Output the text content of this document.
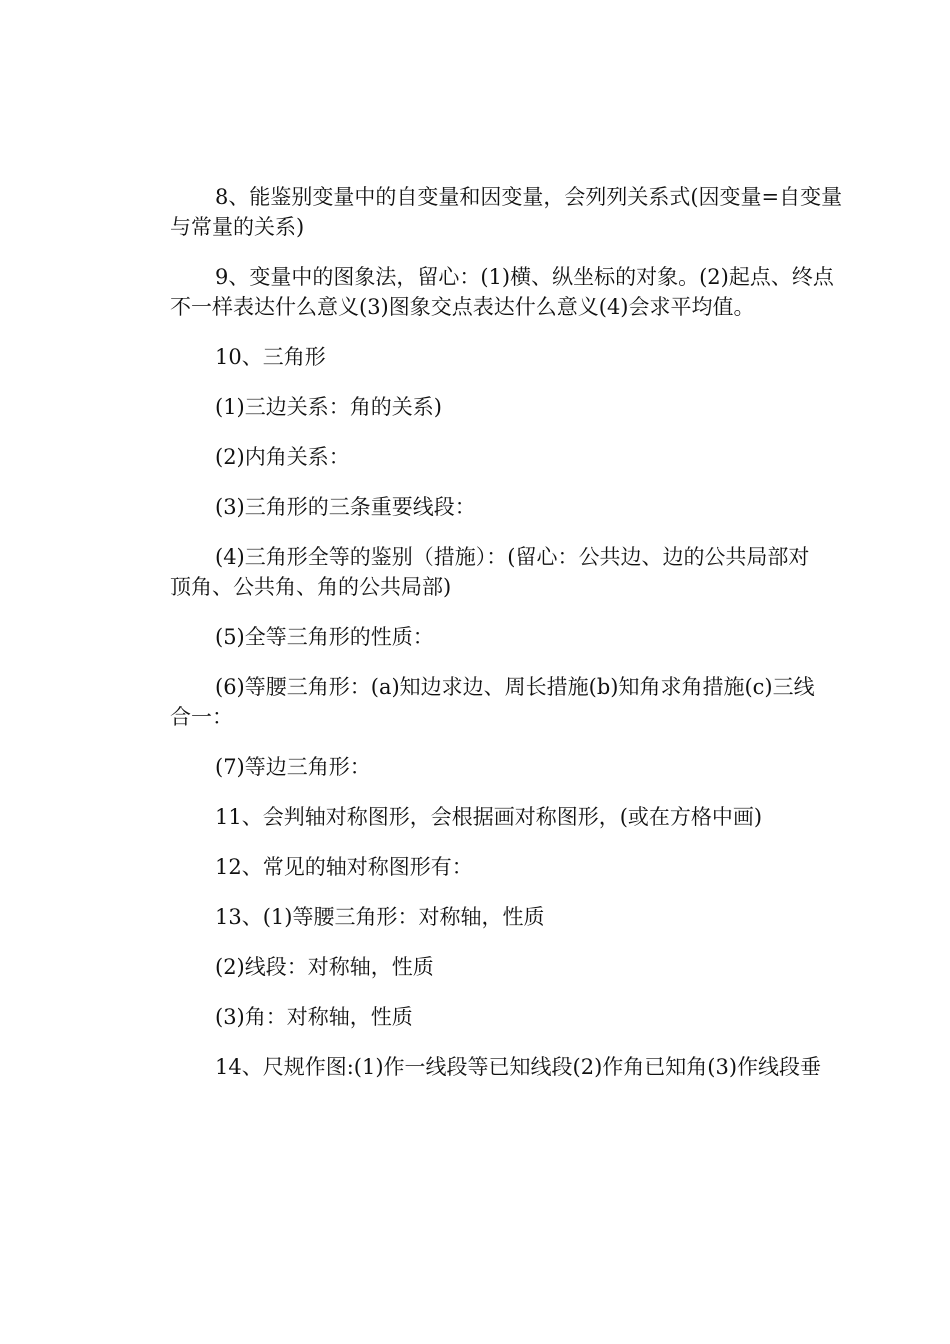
8、能鉴别变量中的自变量和因变量，会列列关系式(因变量=自变量
与常量的关系)
9、变量中的图象法，留心：(1)横、纵坐标的对象。(2)起点、终点
不一样表达什么意义(3)图象交点表达什么意义(4)会求平均值。
10、三角形
(1)三边关系：角的关系)
(2)内角关系：
(3)三角形的三条重要线段：
(4)三角形全等的鉴别（措施）：(留心：公共边、边的公共局部对
顶角、公共角、角的公共局部)
(5)全等三角形的性质：
(6)等腰三角形：(a)知边求边、周长措施(b)知角求角措施(c)三线
合一：
(7)等边三角形：
11、会判轴对称图形，会根据画对称图形，(或在方格中画)
12、常见的轴对称图形有：
13、(1)等腰三角形：对称轴，性质
(2)线段：对称轴，性质
(3)角：对称轴，性质
14、尺规作图:(1)作一线段等已知线段(2)作角已知角(3)作线段垂
